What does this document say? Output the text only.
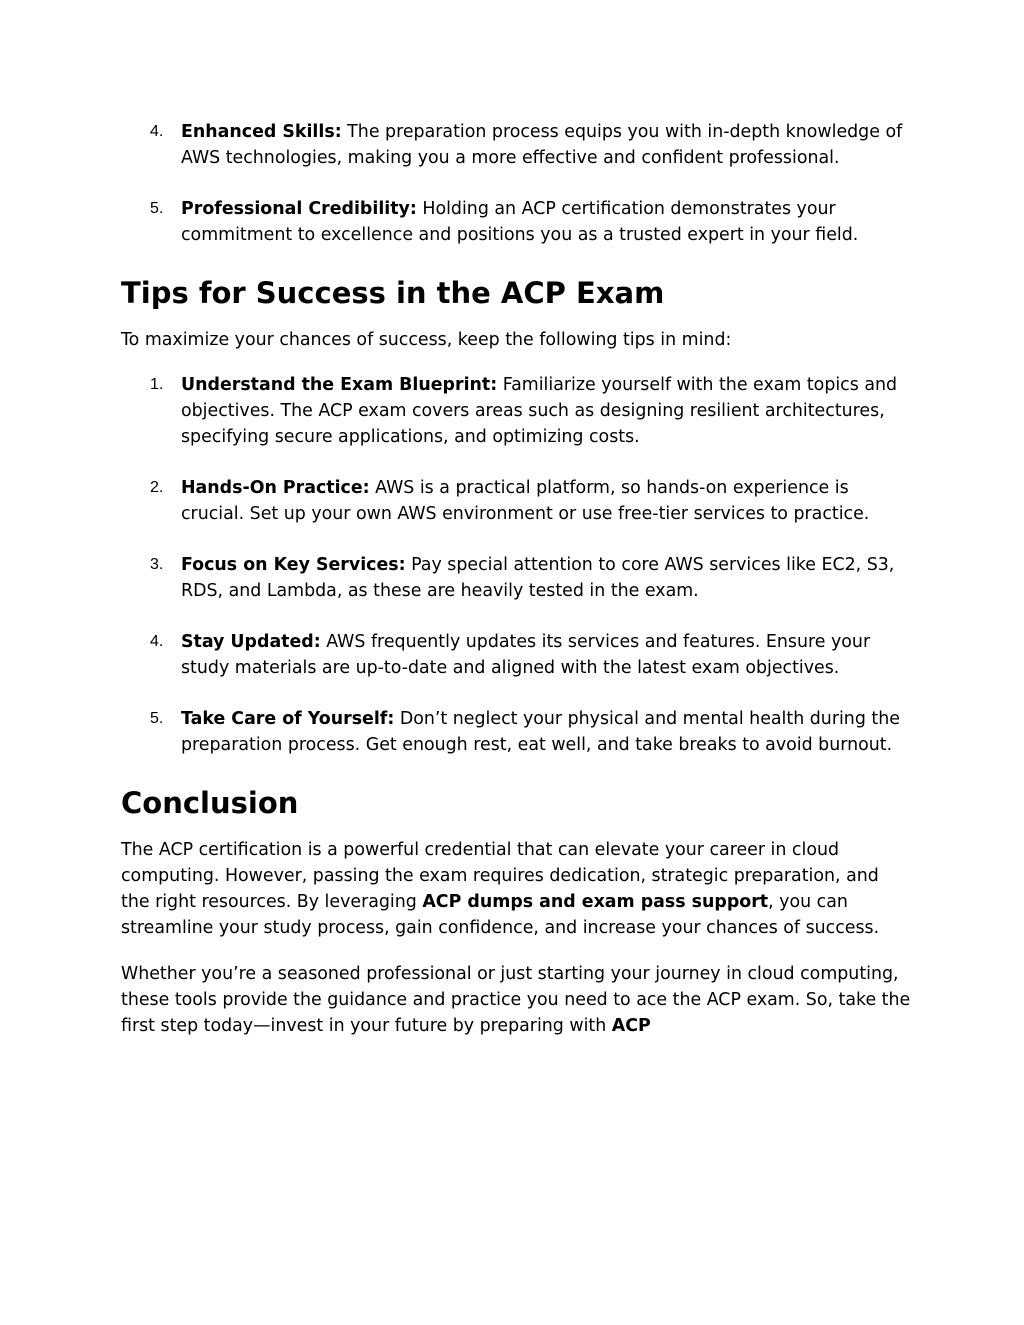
4. Enhanced Skills: The preparation process equips you with in-depth knowledge of AWS technologies, making you a more effective and confident professional.
5. Professional Credibility: Holding an ACP certification demonstrates your commitment to excellence and positions you as a trusted expert in your field.
Tips for Success in the ACP Exam

To maximize your chances of success, keep the following tips in mind:

1. Understand the Exam Blueprint: Familiarize yourself with the exam topics and objectives. The ACP exam covers areas such as designing resilient architectures, specifying secure applications, and optimizing costs.
2. Hands-On Practice: AWS is a practical platform, so hands-on experience is crucial. Set up your own AWS environment or use free-tier services to practice.
3. Focus on Key Services: Pay special attention to core AWS services like EC2, S3, RDS, and Lambda, as these are heavily tested in the exam.
4. Stay Updated: AWS frequently updates its services and features. Ensure your study materials are up-to-date and aligned with the latest exam objectives.
5. Take Care of Yourself: Don’t neglect your physical and mental health during the preparation process. Get enough rest, eat well, and take breaks to avoid burnout.
Conclusion

The ACP certification is a powerful credential that can elevate your career in cloud computing. However, passing the exam requires dedication, strategic preparation, and the right resources. By leveraging ACP dumps and exam pass support, you can streamline your study process, gain confidence, and increase your chances of success.

Whether you’re a seasoned professional or just starting your journey in cloud computing, these tools provide the guidance and practice you need to ace the ACP exam. So, take the first step today—invest in your future by preparing with ACP
